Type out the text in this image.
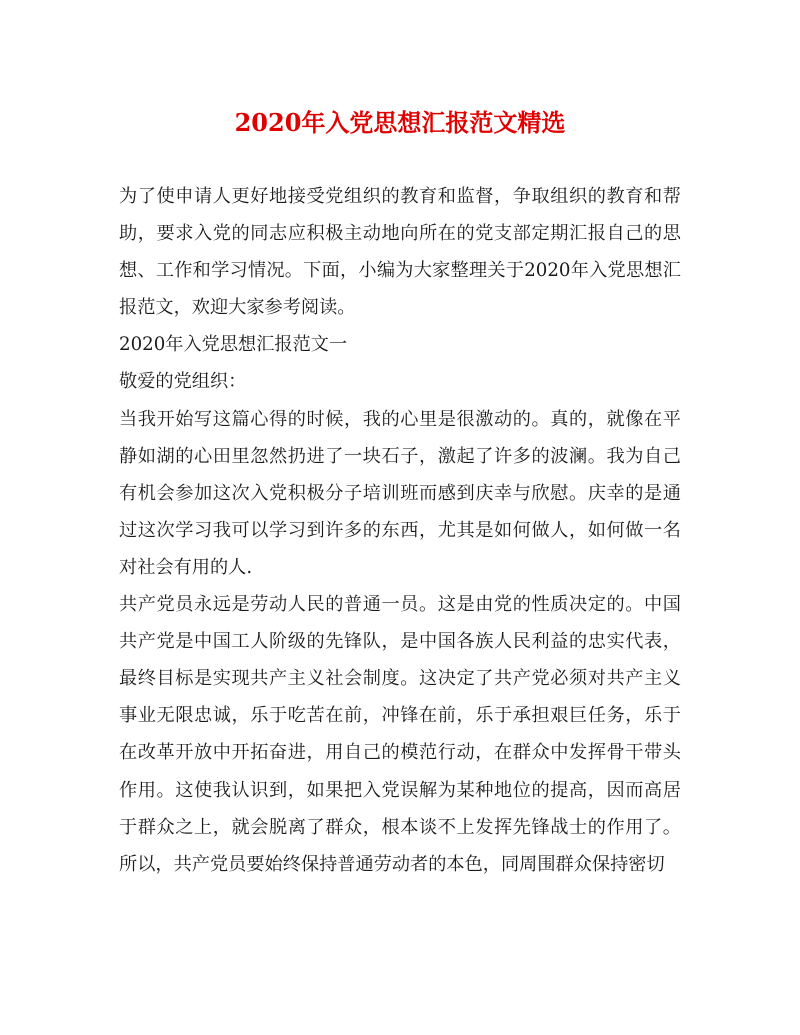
2020年入党思想汇报范文精选

为了使申请人更好地接受党组织的教育和监督，争取组织的教育和帮助，要求入党的同志应积极主动地向所在的党支部定期汇报自己的思想、工作和学习情况。下面，小编为大家整理关于2020年入党思想汇报范文，欢迎大家参考阅读。

2020年入党思想汇报范文一

敬爱的党组织：

当我开始写这篇心得的时候，我的心里是很激动的。真的，就像在平静如湖的心田里忽然扔进了一块石子，激起了许多的波澜。我为自己有机会参加这次入党积极分子培训班而感到庆幸与欣慰。庆幸的是通过这次学习我可以学习到许多的东西，尤其是如何做人，如何做一名对社会有用的人.

共产党员永远是劳动人民的普通一员。这是由党的性质决定的。中国共产党是中国工人阶级的先锋队，是中国各族人民利益的忠实代表，最终目标是实现共产主义社会制度。这决定了共产党必须对共产主义事业无限忠诚，乐于吃苦在前，冲锋在前，乐于承担艰巨任务，乐于在改革开放中开拓奋进，用自己的模范行动，在群众中发挥骨干带头作用。这使我认识到，如果把入党误解为某种地位的提高，因而高居于群众之上，就会脱离了群众，根本谈不上发挥先锋战士的作用了。所以，共产党员要始终保持普通劳动者的本色，同周围群众保持密切
